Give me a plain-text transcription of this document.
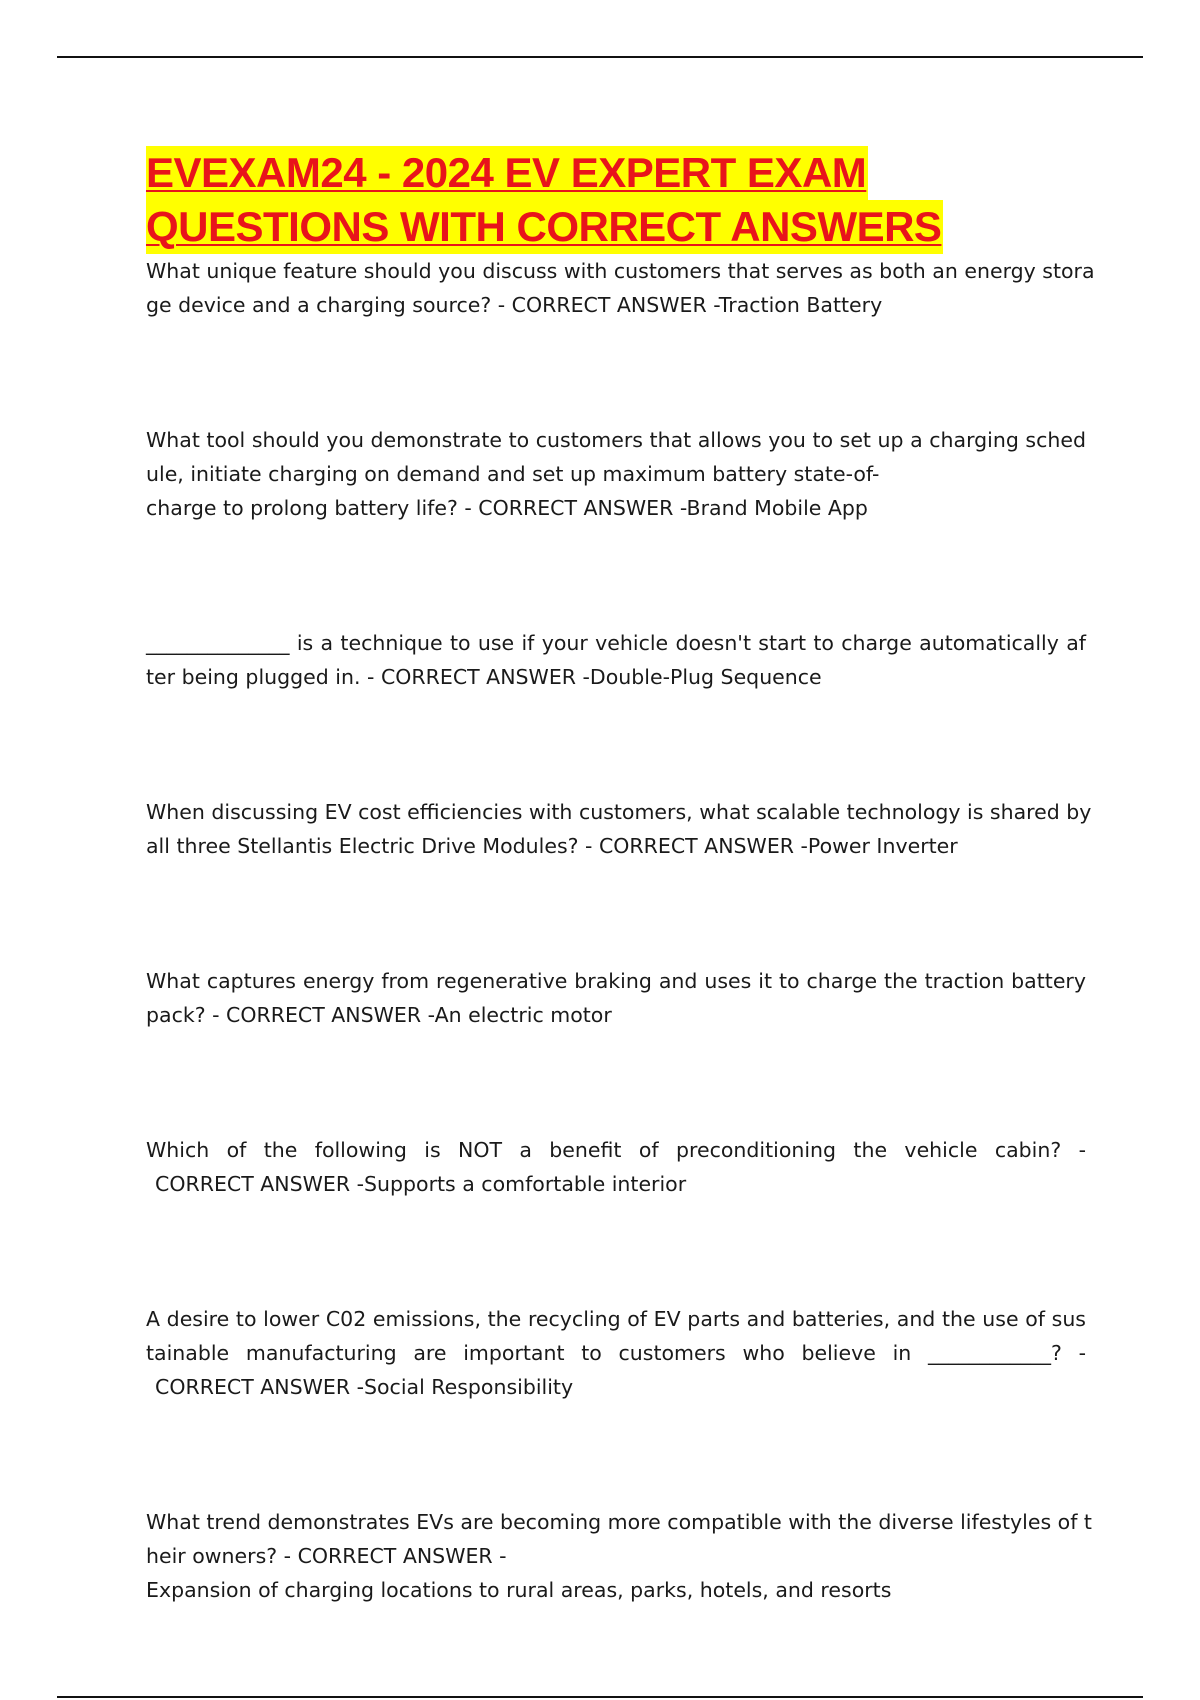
EVEXAM24 - 2024 EV EXPERT EXAM
QUESTIONS WITH CORRECT ANSWERS

What unique feature should you discuss with customers that serves as both an energy stora
ge device and a charging source? - CORRECT ANSWER -Traction Battery

What tool should you demonstrate to customers that allows you to set up a charging sched
ule, initiate charging on demand and set up maximum battery state-of-
charge to prolong battery life? - CORRECT ANSWER -Brand Mobile App

______________ is a technique to use if your vehicle doesn't start to charge automatically af
ter being plugged in. - CORRECT ANSWER -Double-Plug Sequence

When discussing EV cost efficiencies with customers, what scalable technology is shared by
all three Stellantis Electric Drive Modules? - CORRECT ANSWER -Power Inverter

What captures energy from regenerative braking and uses it to charge the traction battery
pack? - CORRECT ANSWER -An electric motor

Which of the following is NOT a benefit of preconditioning the vehicle cabin? -
CORRECT ANSWER -Supports a comfortable interior

A desire to lower C02 emissions, the recycling of EV parts and batteries, and the use of sus
tainable manufacturing are important to customers who believe in ____________? -
CORRECT ANSWER -Social Responsibility

What trend demonstrates EVs are becoming more compatible with the diverse lifestyles of t
heir owners? - CORRECT ANSWER -
Expansion of charging locations to rural areas, parks, hotels, and resorts
